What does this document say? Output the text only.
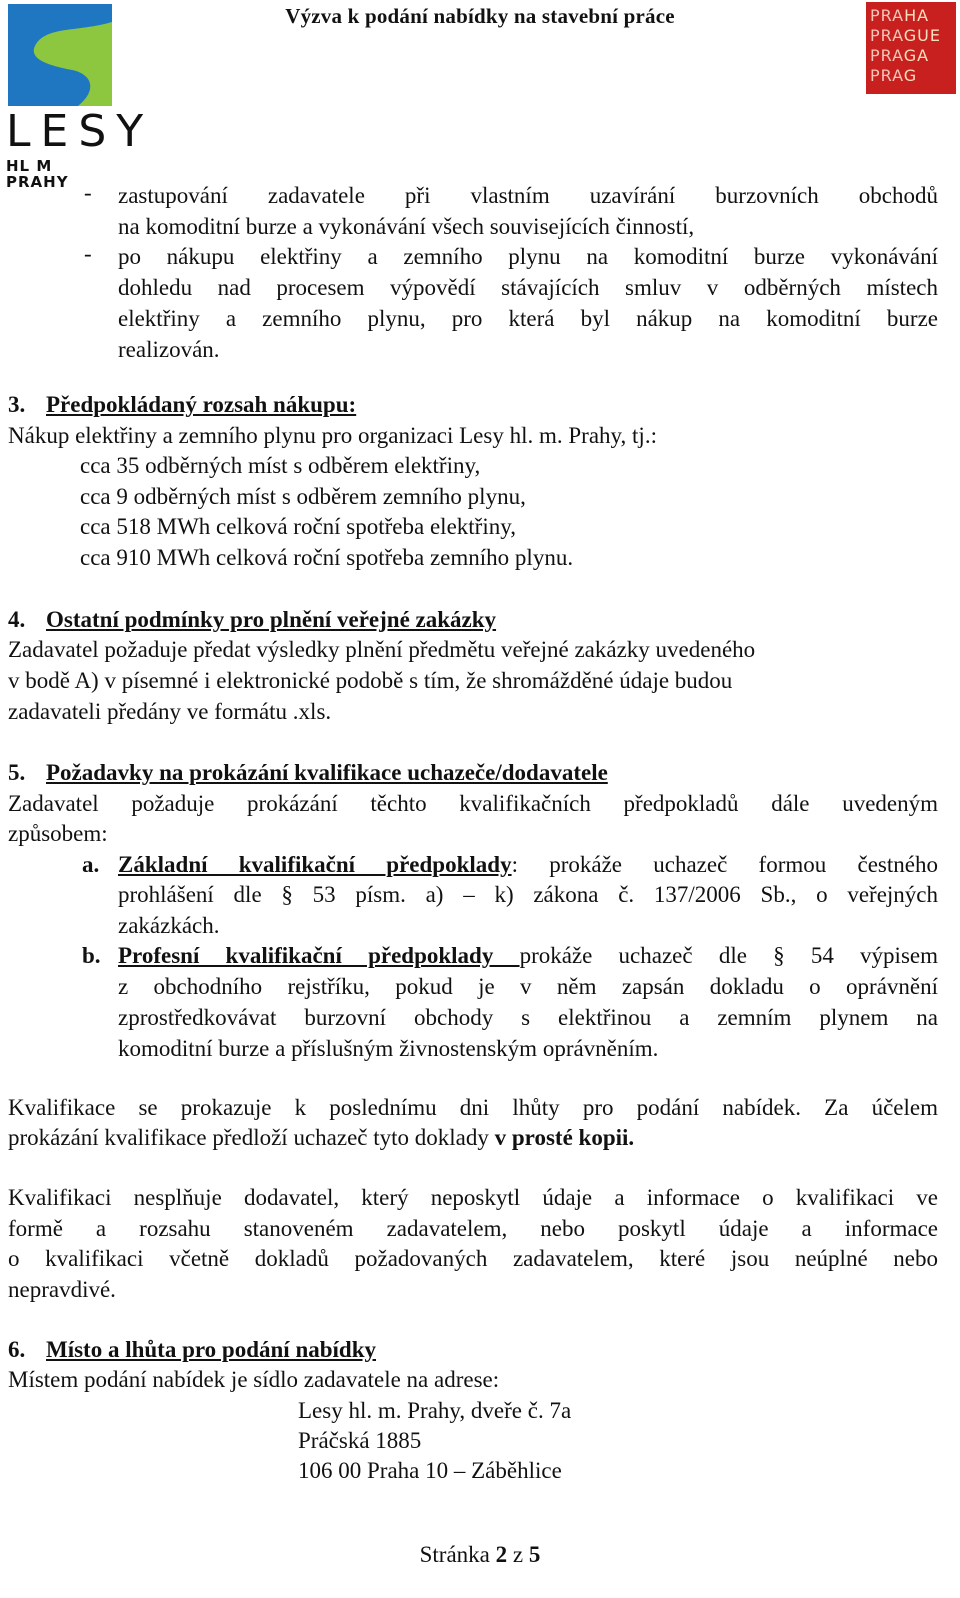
Výzva k podání nabídky na stavební práce
LESY
HL M PRAHY
PRAHA
PRAGUE
PRAGA
PRAG
- zastupování zadavatele při vlastním uzavírání burzovních obchodů

na komoditní burze a vykonávání všech souvisejících činností,

- po nákupu elektřiny a zemního plynu na komoditní burze vykonávání

dohledu nad procesem výpovědí stávajících smluv v odběrných místech

elektřiny a zemního plynu, pro která byl nákup na komoditní burze

realizován.

3. Předpokládaný rozsah nákupu:

Nákup elektřiny a zemního plynu pro organizaci Lesy hl. m. Prahy, tj.:

cca 35 odběrných míst s odběrem elektřiny,

cca 9 odběrných míst s odběrem zemního plynu,

cca 518 MWh celková roční spotřeba elektřiny,

cca 910 MWh celková roční spotřeba zemního plynu.

4. Ostatní podmínky pro plnění veřejné zakázky

Zadavatel požaduje předat výsledky plnění předmětu veřejné zakázky uvedeného

v bodě A) v písemné i elektronické podobě s tím, že shromážděné údaje budou

zadavateli předány ve formátu .xls.

5. Požadavky na prokázání kvalifikace uchazeče/dodavatele

Zadavatel požaduje prokázání těchto kvalifikačních předpokladů dále uvedeným

způsobem:

a. Základní kvalifikační předpoklady: prokáže uchazeč formou čestného

prohlášení dle § 53 písm. a) – k) zákona č. 137/2006 Sb., o veřejných

zakázkách.

b. Profesní kvalifikační předpoklady prokáže uchazeč dle § 54 výpisem

z obchodního rejstříku, pokud je v něm zapsán dokladu o oprávnění

zprostředkovávat burzovní obchody s elektřinou a zemním plynem na

komoditní burze a příslušným živnostenským oprávněním.

Kvalifikace se prokazuje k poslednímu dni lhůty pro podání nabídek. Za účelem

prokázání kvalifikace předloží uchazeč tyto doklady v prosté kopii.

Kvalifikaci nesplňuje dodavatel, který neposkytl údaje a informace o kvalifikaci ve

formě a rozsahu stanoveném zadavatelem, nebo poskytl údaje a informace

o kvalifikaci včetně dokladů požadovaných zadavatelem, které jsou neúplné nebo

nepravdivé.

6. Místo a lhůta pro podání nabídky

Místem podání nabídek je sídlo zadavatele na adrese:

Lesy hl. m. Prahy, dveře č. 7a

Práčská 1885

106 00 Praha 10 – Záběhlice

Stránka 2 z 5
